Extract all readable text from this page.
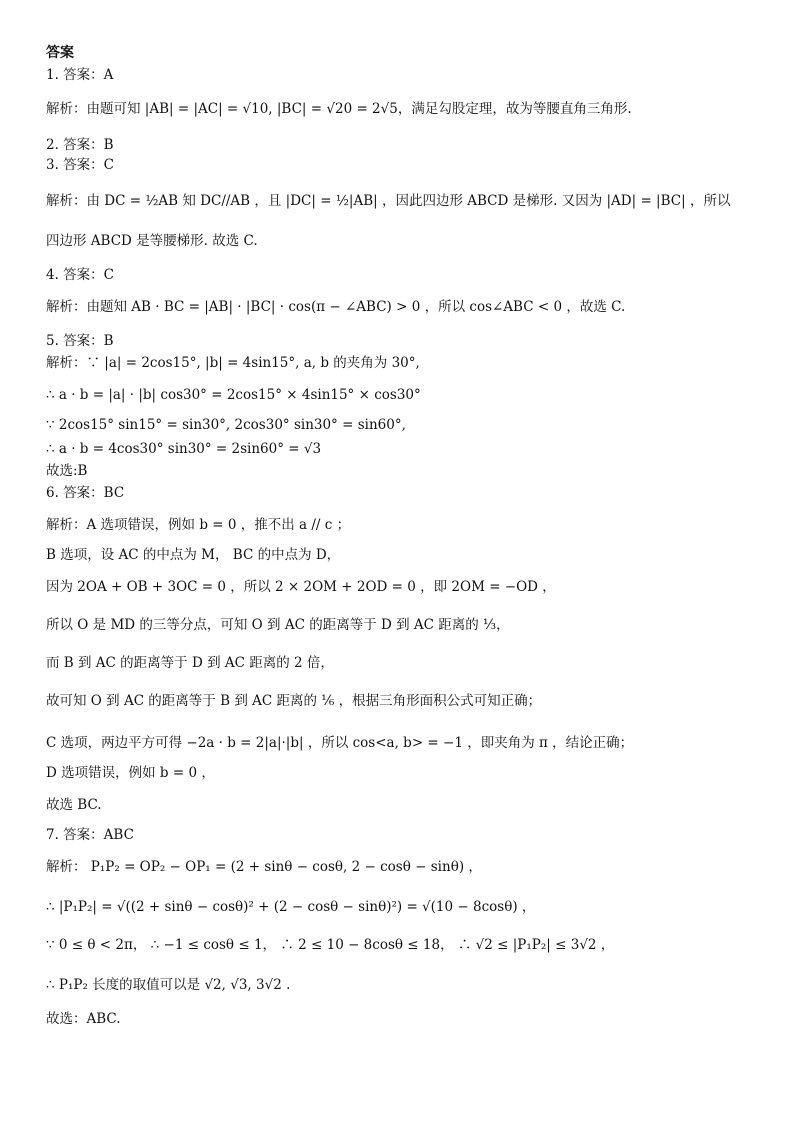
答案
1. 答案：A
解析：由题可知 |AB| = |AC| = √10, |BC| = √20 = 2√5，满足勾股定理，故为等腰直角三角形.
2. 答案：B
3. 答案：C
解析：由 DC = ½AB 知 DC//AB ，且 |DC| = ½|AB| ，因此四边形 ABCD 是梯形. 又因为 |AD| = |BC| ，所以
四边形 ABCD 是等腰梯形. 故选 C.
4. 答案：C
解析：由题知 AB · BC = |AB| · |BC| · cos(π − ∠ABC) > 0 ，所以 cos∠ABC < 0 ，故选 C.
5. 答案：B
解析：∵ |a| = 2cos15°, |b| = 4sin15°, a, b 的夹角为 30°,
∴ a · b = |a| · |b| cos30° = 2cos15° × 4sin15° × cos30°
∵ 2cos15° sin15° = sin30°, 2cos30° sin30° = sin60°,
∴ a · b = 4cos30° sin30° = 2sin60° = √3
故选:B
6. 答案：BC
解析：A 选项错误，例如 b = 0 ，推不出 a // c ；
B 选项，设 AC 的中点为 M， BC 的中点为 D，
因为 2OA + OB + 3OC = 0 ，所以 2 × 2OM + 2OD = 0 ，即 2OM = −OD ，
所以 O 是 MD 的三等分点，可知 O 到 AC 的距离等于 D 到 AC 距离的 ⅓，
而 B 到 AC 的距离等于 D 到 AC 距离的 2 倍，
故可知 O 到 AC 的距离等于 B 到 AC 距离的 ⅙ ，根据三角形面积公式可知正确；
C 选项，两边平方可得 −2a · b = 2|a|·|b| ，所以 cos<a, b> = −1 ，即夹角为 π ，结论正确；
D 选项错误，例如 b = 0 ，
故选 BC.
7. 答案：ABC
解析： P₁P₂ = OP₂ − OP₁ = (2 + sinθ − cosθ, 2 − cosθ − sinθ) ，
∴ |P₁P₂| = √((2 + sinθ − cosθ)² + (2 − cosθ − sinθ)²) = √(10 − 8cosθ) ，
∵ 0 ≤ θ < 2π， ∴ −1 ≤ cosθ ≤ 1， ∴ 2 ≤ 10 − 8cosθ ≤ 18， ∴ √2 ≤ |P₁P₂| ≤ 3√2 ，
∴ P₁P₂ 长度的取值可以是 √2, √3, 3√2 .
故选：ABC.
